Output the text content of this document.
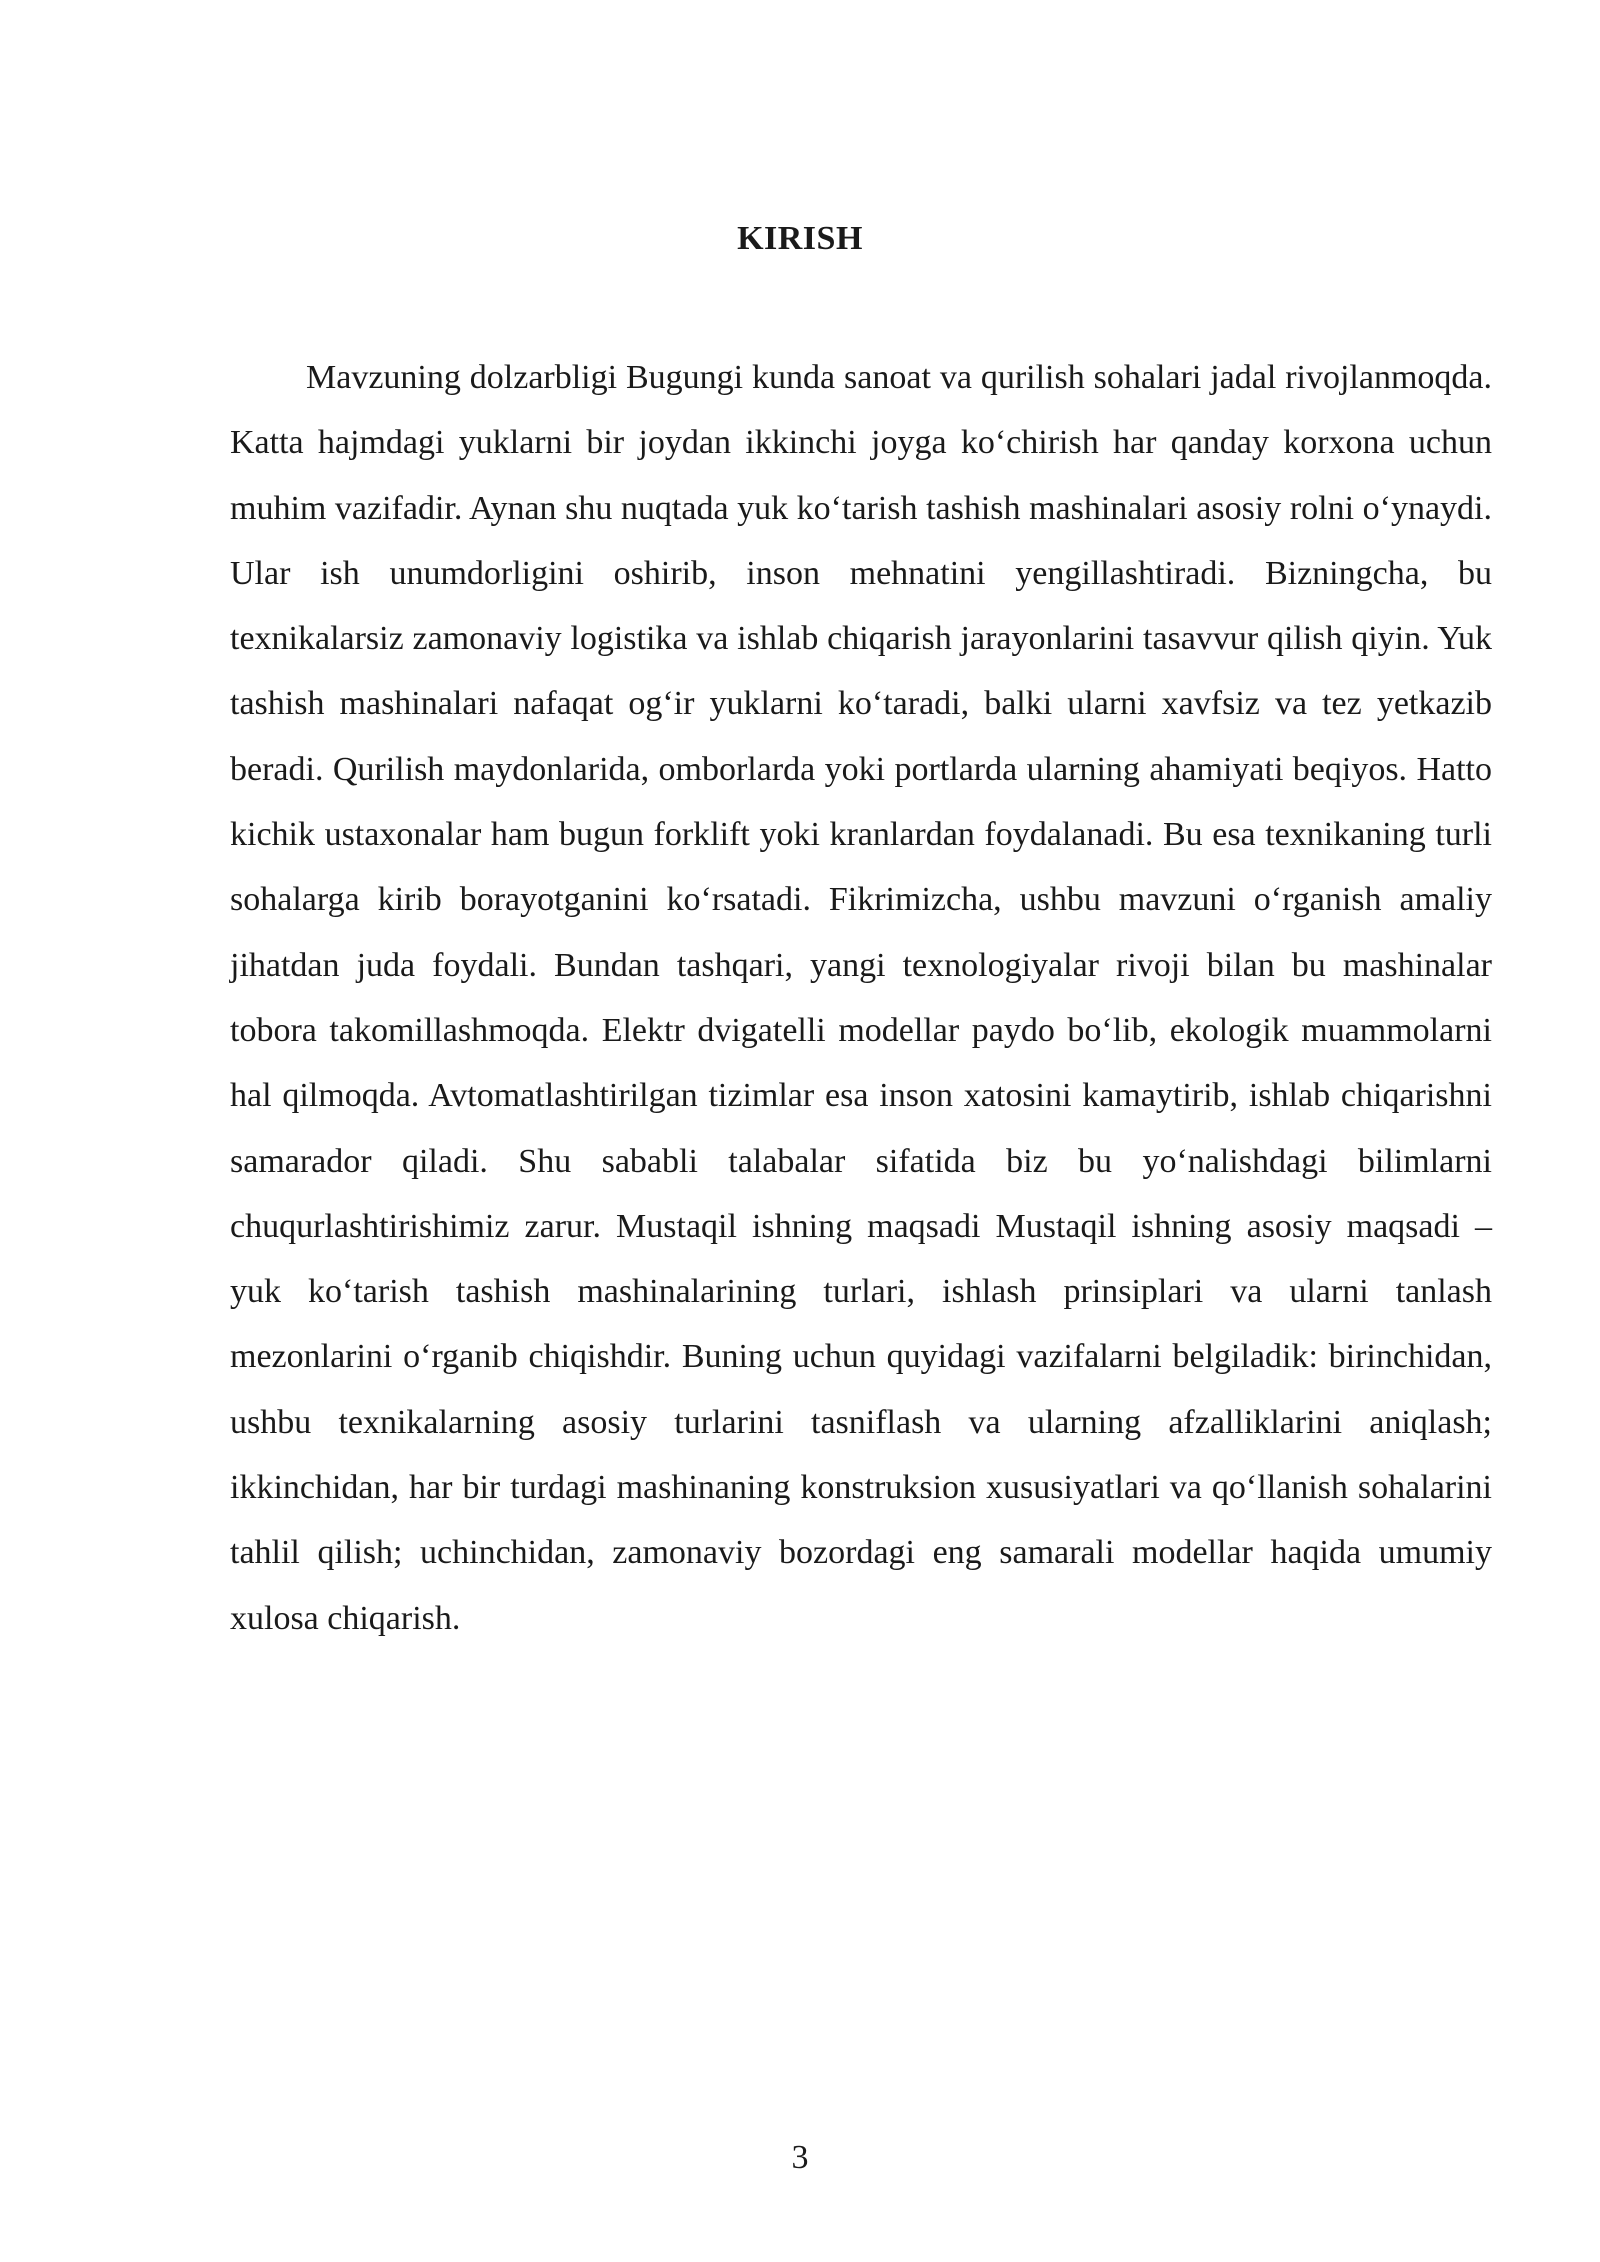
KIRISH

Mavzuning dolzarbligi Bugungi kunda sanoat va qurilish sohalari jadal rivojlanmoqda. Katta hajmdagi yuklarni bir joydan ikkinchi joyga ko‘chirish har qanday korxona uchun muhim vazifadir. Aynan shu nuqtada yuk ko‘tarish tashish mashinalari asosiy rolni o‘ynaydi. Ular ish unumdorligini oshirib, inson mehnatini yengillashtiradi. Bizningcha, bu texnikalarsiz zamonaviy logistika va ishlab chiqarish jarayonlarini tasavvur qilish qiyin. Yuk tashish mashinalari nafaqat og‘ir yuklarni ko‘taradi, balki ularni xavfsiz va tez yetkazib beradi. Qurilish maydonlarida, omborlarda yoki portlarda ularning ahamiyati beqiyos. Hatto kichik ustaxonalar ham bugun forklift yoki kranlardan foydalanadi. Bu esa texnikaning turli sohalarga kirib borayotganini ko‘rsatadi. Fikrimizcha, ushbu mavzuni o‘rganish amaliy jihatdan juda foydali. Bundan tashqari, yangi texnologiyalar rivoji bilan bu mashinalar tobora takomillashmoqda. Elektr dvigatelli modellar paydo bo‘lib, ekologik muammolarni hal qilmoqda. Avtomatlashtirilgan tizimlar esa inson xatosini kamaytirib, ishlab chiqarishni samarador qiladi. Shu sababli talabalar sifatida biz bu yo‘nalishdagi bilimlarni chuqurlashtirishimiz zarur. Mustaqil ishning maqsadi Mustaqil ishning asosiy maqsadi – yuk ko‘tarish tashish mashinalarining turlari, ishlash prinsiplari va ularni tanlash mezonlarini o‘rganib chiqishdir. Buning uchun quyidagi vazifalarni belgiladik: birinchidan, ushbu texnikalarning asosiy turlarini tasniflash va ularning afzalliklarini aniqlash; ikkinchidan, har bir turdagi mashinaning konstruksion xususiyatlari va qo‘llanish sohalarini tahlil qilish; uchinchidan, zamonaviy bozordagi eng samarali modellar haqida umumiy xulosa chiqarish.

3
